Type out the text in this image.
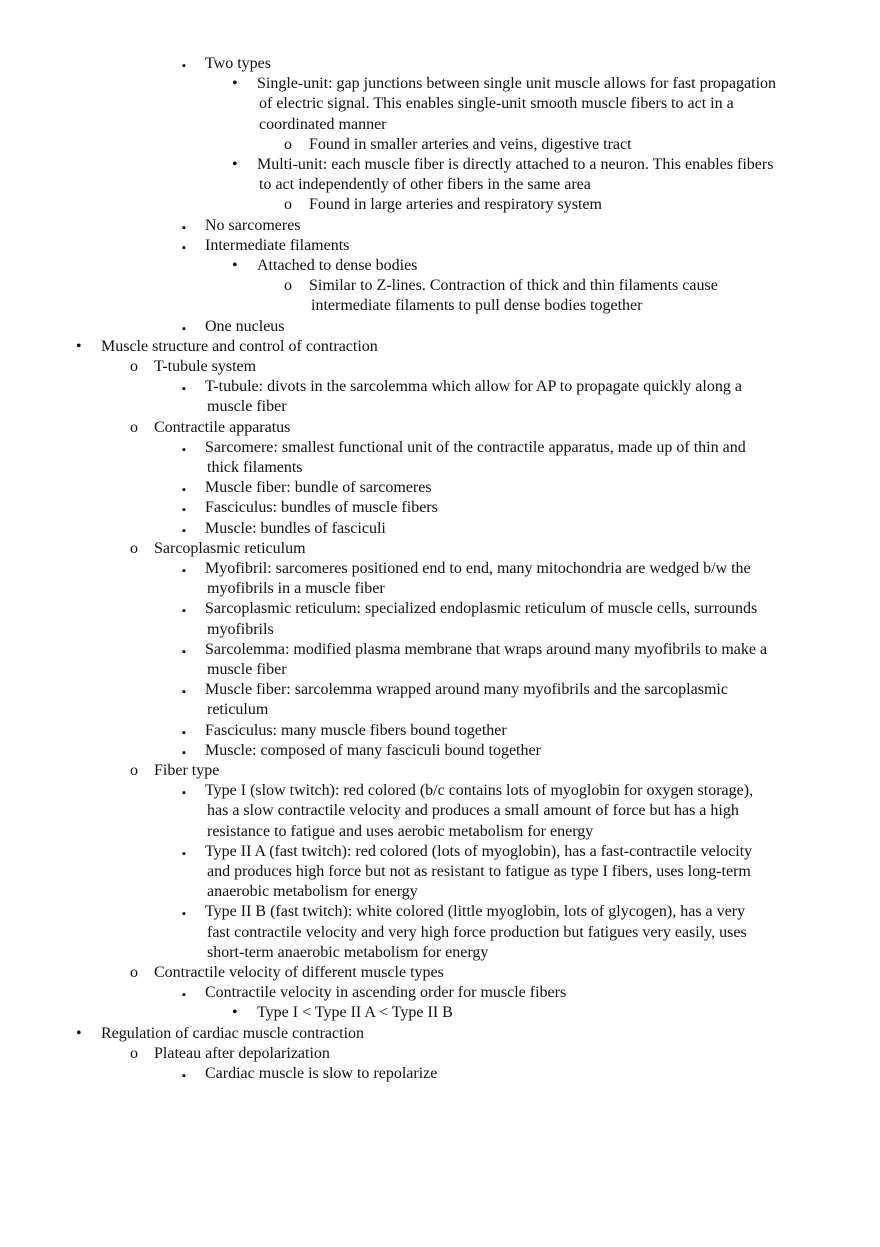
▪ Two types
• Single-unit: gap junctions between single unit muscle allows for fast propagation
of electric signal. This enables single-unit smooth muscle fibers to act in a
coordinated manner
o Found in smaller arteries and veins, digestive tract
• Multi-unit: each muscle fiber is directly attached to a neuron. This enables fibers
to act independently of other fibers in the same area
o Found in large arteries and respiratory system
▪ No sarcomeres
▪ Intermediate filaments
• Attached to dense bodies
o Similar to Z-lines. Contraction of thick and thin filaments cause
intermediate filaments to pull dense bodies together
▪ One nucleus
• Muscle structure and control of contraction
o T-tubule system
▪ T-tubule: divots in the sarcolemma which allow for AP to propagate quickly along a
muscle fiber
o Contractile apparatus
▪ Sarcomere: smallest functional unit of the contractile apparatus, made up of thin and
thick filaments
▪ Muscle fiber: bundle of sarcomeres
▪ Fasciculus: bundles of muscle fibers
▪ Muscle: bundles of fasciculi
o Sarcoplasmic reticulum
▪ Myofibril: sarcomeres positioned end to end, many mitochondria are wedged b/w the
myofibrils in a muscle fiber
▪ Sarcoplasmic reticulum: specialized endoplasmic reticulum of muscle cells, surrounds
myofibrils
▪ Sarcolemma: modified plasma membrane that wraps around many myofibrils to make a
muscle fiber
▪ Muscle fiber: sarcolemma wrapped around many myofibrils and the sarcoplasmic
reticulum
▪ Fasciculus: many muscle fibers bound together
▪ Muscle: composed of many fasciculi bound together
o Fiber type
▪ Type I (slow twitch): red colored (b/c contains lots of myoglobin for oxygen storage),
has a slow contractile velocity and produces a small amount of force but has a high
resistance to fatigue and uses aerobic metabolism for energy
▪ Type II A (fast twitch): red colored (lots of myoglobin), has a fast-contractile velocity
and produces high force but not as resistant to fatigue as type I fibers, uses long-term
anaerobic metabolism for energy
▪ Type II B (fast twitch): white colored (little myoglobin, lots of glycogen), has a very
fast contractile velocity and very high force production but fatigues very easily, uses
short-term anaerobic metabolism for energy
o Contractile velocity of different muscle types
▪ Contractile velocity in ascending order for muscle fibers
• Type I < Type II A < Type II B
• Regulation of cardiac muscle contraction
o Plateau after depolarization
▪ Cardiac muscle is slow to repolarize
